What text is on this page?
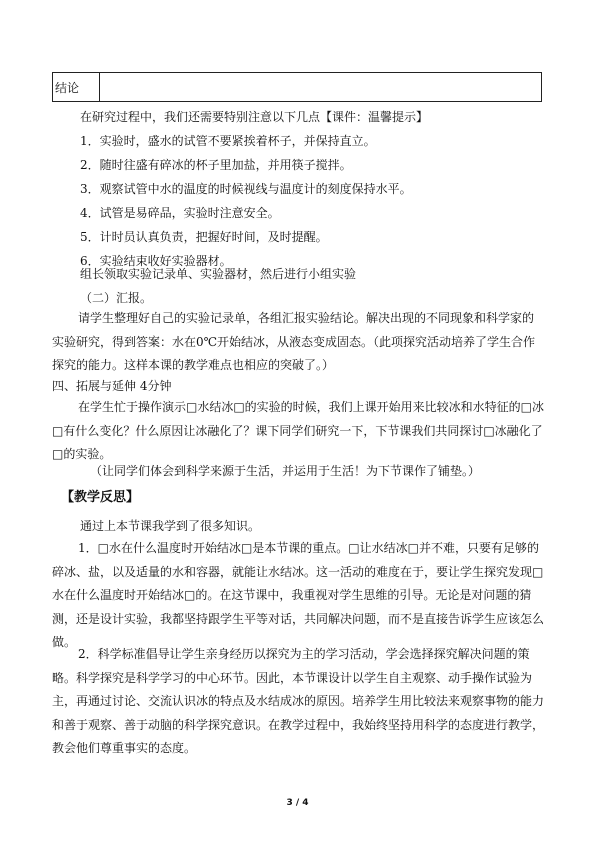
结论
在研究过程中，我们还需要特别注意以下几点【课件：温馨提示】
1．实验时，盛水的试管不要紧挨着杯子，并保持直立。
2．随时往盛有碎冰的杯子里加盐，并用筷子搅拌。
3．观察试管中水的温度的时候视线与温度计的刻度保持水平。
4．试管是易碎品，实验时注意安全。
5．计时员认真负责，把握好时间，及时提醒。
6．实验结束收好实验器材。
组长领取实验记录单、实验器材，然后进行小组实验
（二）汇报。
请学生整理好自己的实验记录单，各组汇报实验结论。解决出现的不同现象和科学家的实验研究，得到答案：水在0℃开始结冰，从液态变成固态。（此项探究活动培养了学生合作探究的能力。这样本课的教学难点也相应的突破了。）
四、拓展与延伸 4分钟
在学生忙于操作演示□水结冰□的实验的时候，我们上课开始用来比较冰和水特征的□冰□有什么变化？什么原因让冰融化了？课下同学们研究一下，下节课我们共同探讨□冰融化了□的实验。
（让同学们体会到科学来源于生活，并运用于生活！为下节课作了铺垫。）
【教学反思】
通过上本节课我学到了很多知识。
1．□水在什么温度时开始结冰□是本节课的重点。□让水结冰□并不难，只要有足够的碎冰、盐，以及适量的水和容器，就能让水结冰。这一活动的难度在于，要让学生探究发现□水在什么温度时开始结冰□的。在这节课中，我重视对学生思维的引导。无论是对问题的猜测，还是设计实验，我都坚持跟学生平等对话，共同解决问题，而不是直接告诉学生应该怎么做。
2．科学标准倡导让学生亲身经历以探究为主的学习活动，学会选择探究解决问题的策略。科学探究是科学学习的中心环节。因此，本节课设计以学生自主观察、动手操作试验为主，再通过讨论、交流认识冰的特点及水结成冰的原因。培养学生用比较法来观察事物的能力和善于观察、善于动脑的科学探究意识。在教学过程中，我始终坚持用科学的态度进行教学，教会他们尊重事实的态度。
3 / 4
